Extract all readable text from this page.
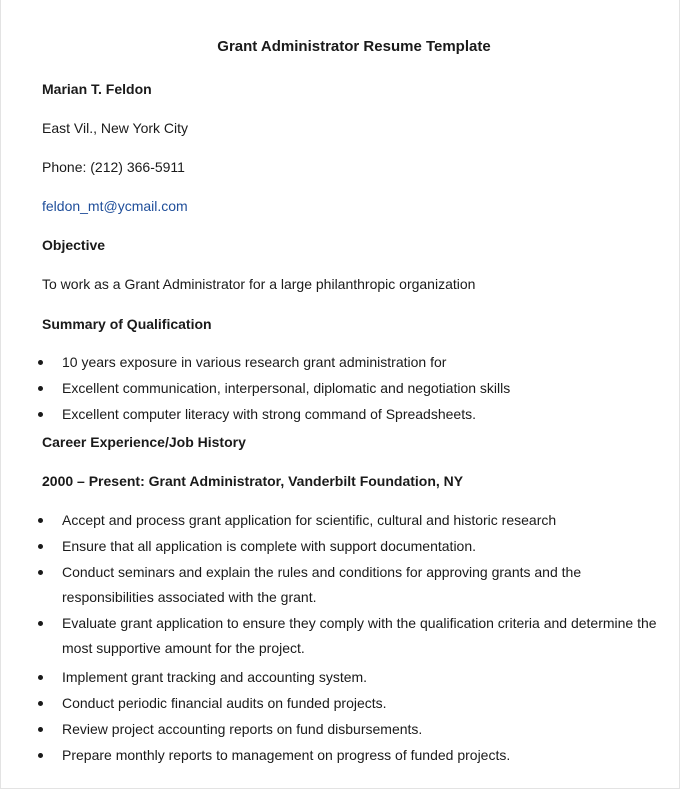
Grant Administrator Resume Template
Marian T. Feldon
East Vil., New York City
Phone: (212) 366-5911
feldon_mt@ycmail.com
Objective
To work as a Grant Administrator for a large philanthropic organization
Summary of Qualification
10 years exposure in various research grant administration for
Excellent communication, interpersonal, diplomatic and negotiation skills
Excellent computer literacy with strong command of Spreadsheets.
Career Experience/Job History
2000 – Present: Grant Administrator, Vanderbilt Foundation, NY
Accept and process grant application for scientific, cultural and historic research
Ensure that all application is complete with support documentation.
Conduct seminars and explain the rules and conditions for approving grants and the responsibilities associated with the grant.
Evaluate grant application to ensure they comply with the qualification criteria and determine the most supportive amount for the project.
Implement grant tracking and accounting system.
Conduct periodic financial audits on funded projects.
Review project accounting reports on fund disbursements.
Prepare monthly reports to management on progress of funded projects.
